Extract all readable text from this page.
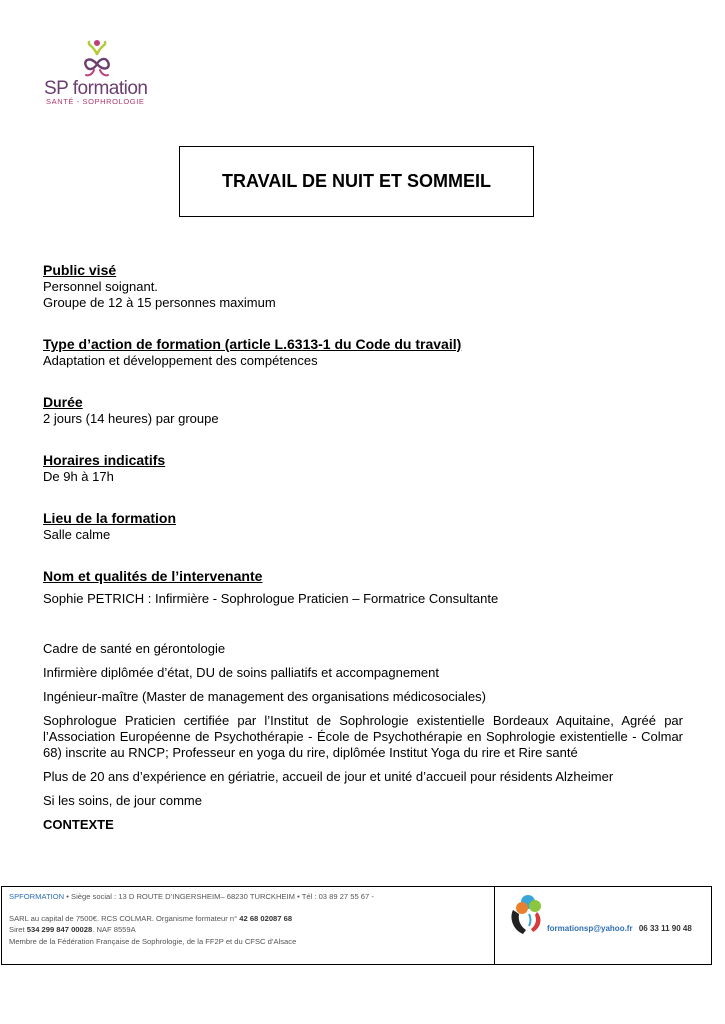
SP formation
SANTÉ - SOPHROLOGIE
TRAVAIL DE NUIT ET SOMMEIL
Public visé
Personnel soignant.
Groupe de 12 à 15 personnes maximum
Type d’action de formation (article L.6313-1 du Code du travail)
Adaptation et développement des compétences
Durée
2 jours (14 heures) par groupe
Horaires indicatifs
De 9h à 17h
Lieu de la formation
Salle calme
Nom et qualités de l’intervenante

Sophie PETRICH : Infirmière - Sophrologue Praticien – Formatrice Consultante

Cadre de santé en gérontologie

Infirmière diplômée d’état, DU de soins palliatifs et accompagnement

Ingénieur-maître (Master de management des organisations médicosociales)

Sophrologue Praticien certifiée par l’Institut de Sophrologie existentielle Bordeaux Aquitaine, Agréé par l’Association Européenne de Psychothérapie - École de Psychothérapie en Sophrologie existentielle - Colmar 68) inscrite au RNCP; Professeur en yoga du rire, diplômée Institut Yoga du rire et Rire santé

Plus de 20 ans d’expérience en gériatrie, accueil de jour et unité d’accueil pour résidents Alzheimer

Si les soins, de jour comme

CONTEXTE
SPFORMATION • Siège social : 13 D ROUTE D’INGERSHEIM– 68230 TURCKHEIM • Tél : 03 89 27 55 67 -
SARL au capital de 7500€. RCS COLMAR. Organisme formateur n° 42 68 02087 68
Siret 534 299 847 00028. NAF 8559A
Membre de la Fédération Française de Sophrologie, de la FF2P et du CFSC d’Alsace
formationsp@yahoo.fr 06 33 11 90 48
